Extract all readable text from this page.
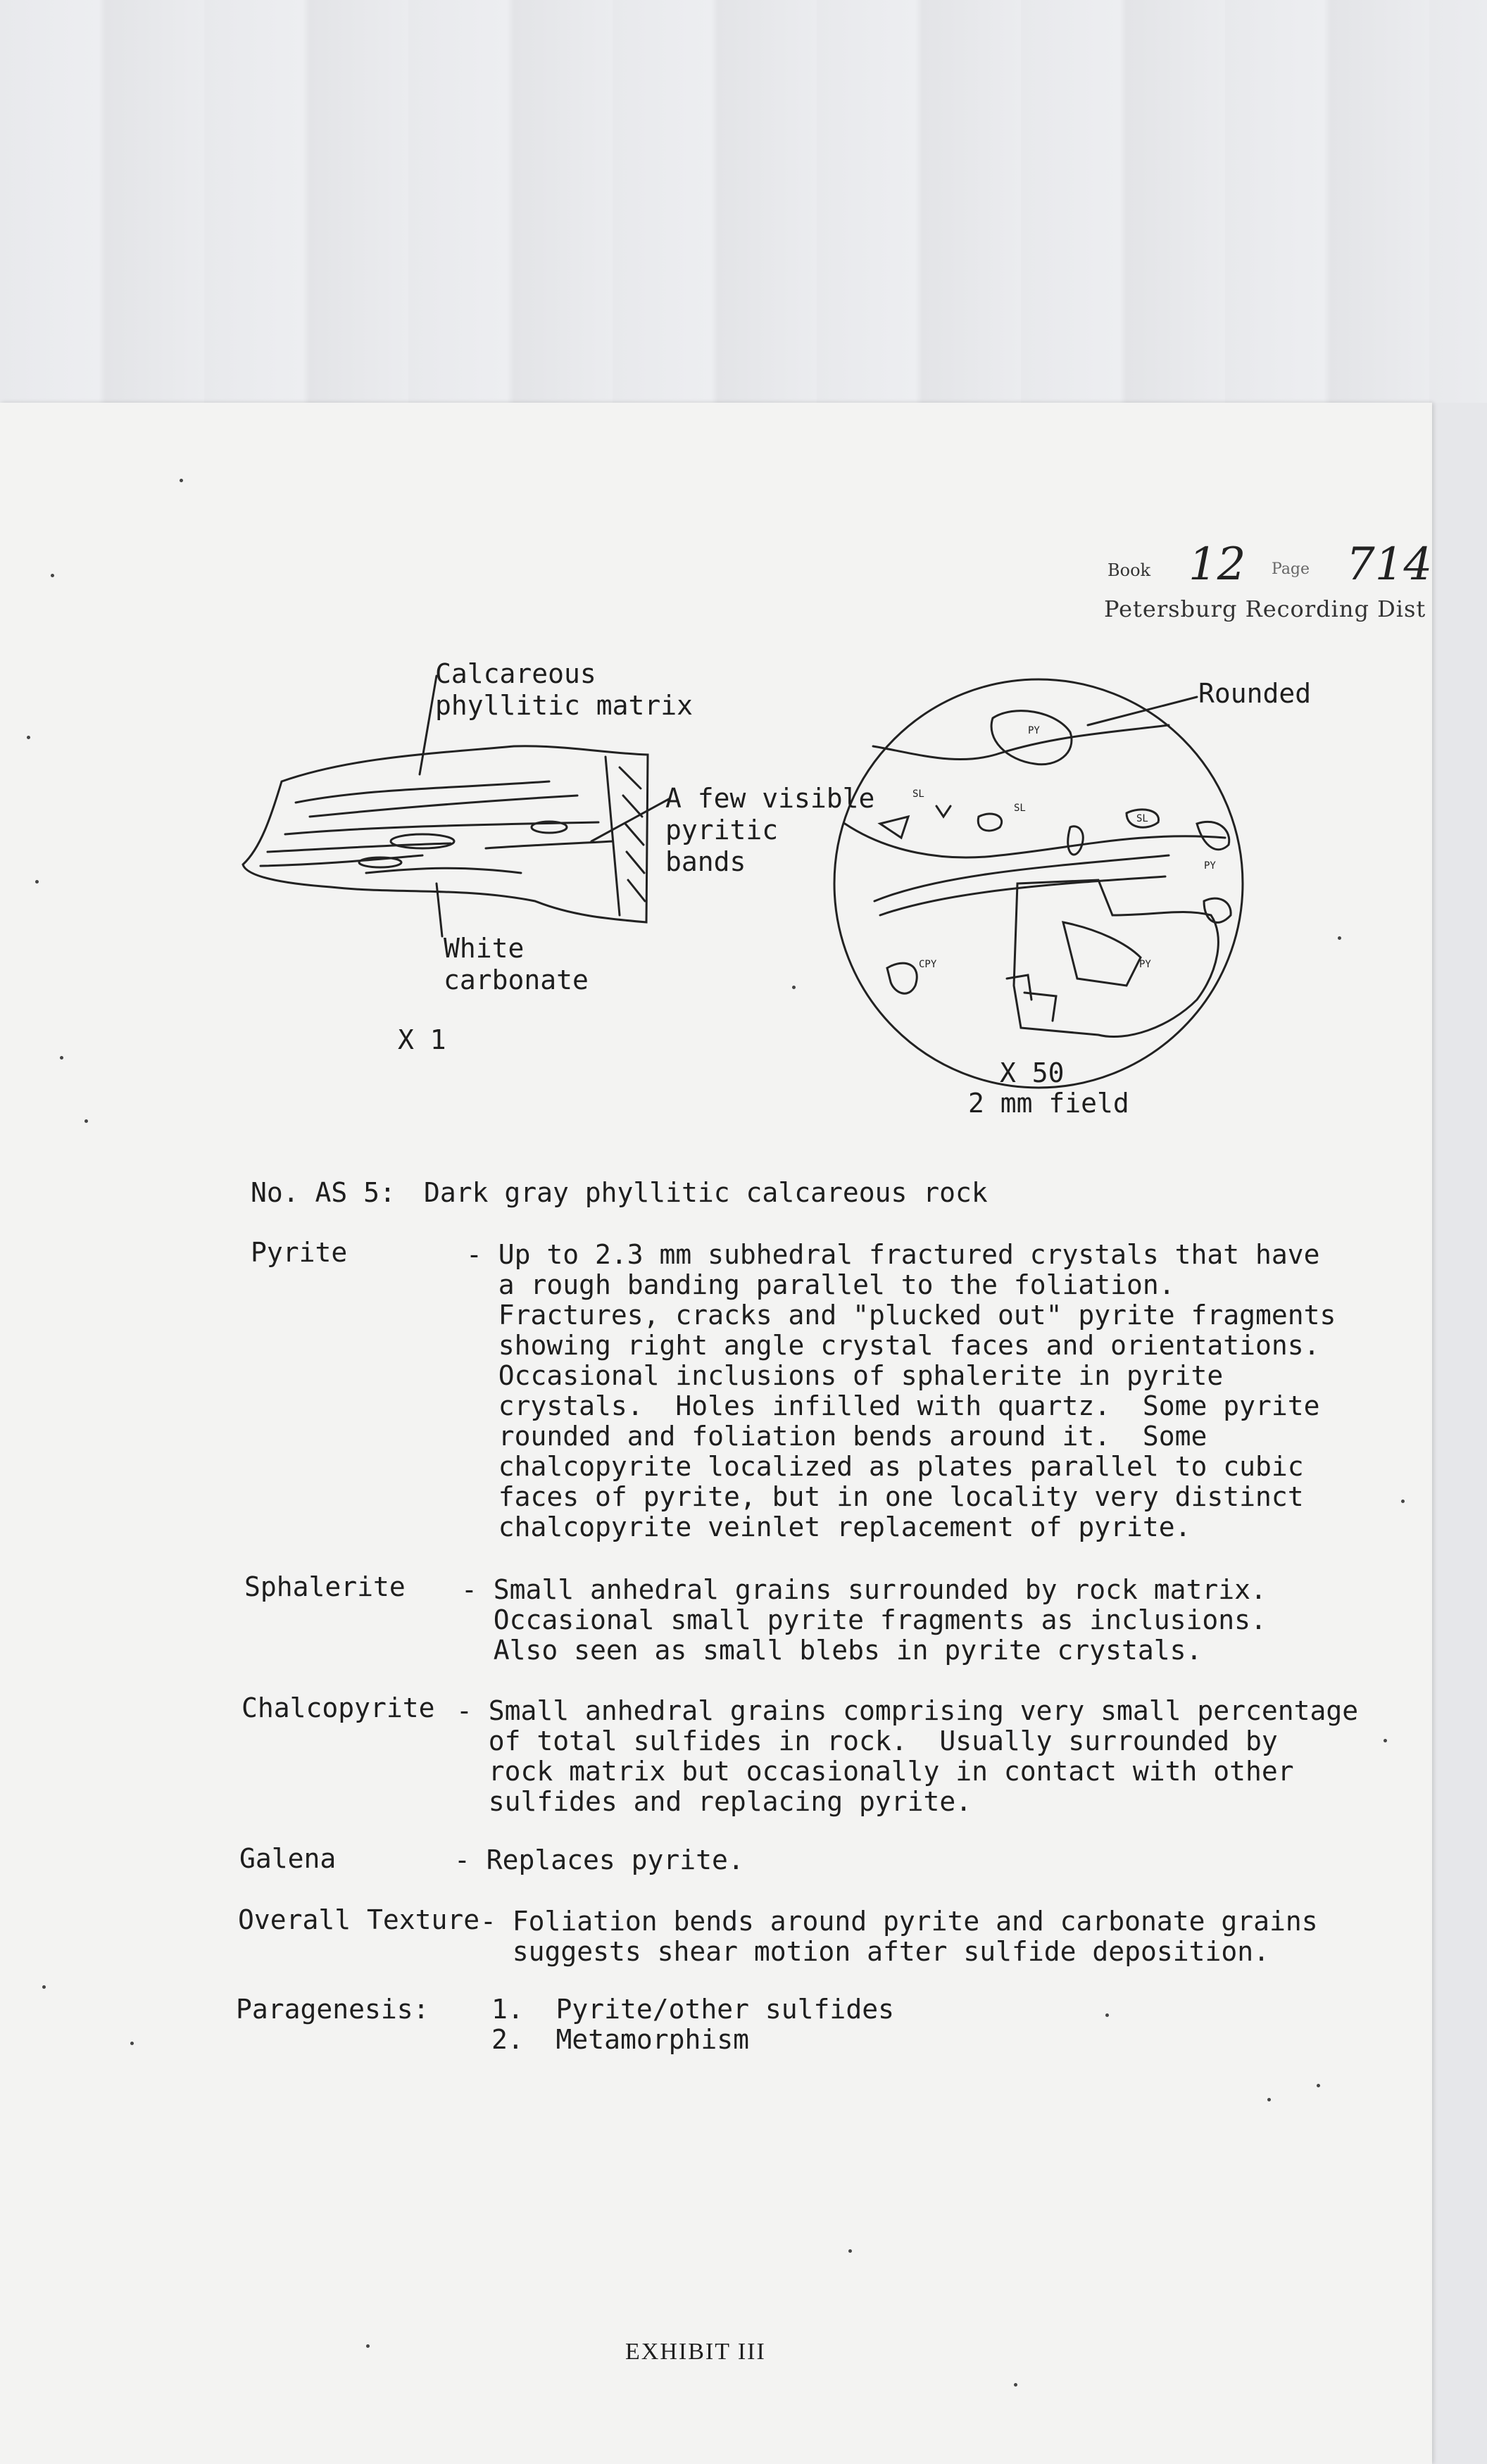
Book 12 Page 714
Petersburg Recording Dist
Calcareous
phyllitic matrix
A few visible
pyritic
bands
White
carbonate
X 1
Rounded
PY
PY
PY
SL
SL
SL
CPY
X 50
2 mm field
No. AS 5: Dark gray phyllitic calcareous rock
Pyrite	- Up to 2.3 mm subhedral fractured crystals that have
a rough banding parallel to the foliation.
Fractures, cracks and "plucked out" pyrite fragments
showing right angle crystal faces and orientations.
Occasional inclusions of sphalerite in pyrite
crystals.  Holes infilled with quartz.  Some pyrite
rounded and foliation bends around it.  Some
chalcopyrite localized as plates parallel to cubic
faces of pyrite, but in one locality very distinct
chalcopyrite veinlet replacement of pyrite.
Sphalerite - Small anhedral grains surrounded by rock matrix.
Occasional small pyrite fragments as inclusions.
Also seen as small blebs in pyrite crystals.
Chalcopyrite - Small anhedral grains comprising very small percentage
of total sulfides in rock.  Usually surrounded by
rock matrix but occasionally in contact with other
sulfides and replacing pyrite.
Galena	- Replaces pyrite.
Overall Texture - Foliation bends around pyrite and carbonate grains
suggests shear motion after sulfide deposition.
Paragenesis: 1.  Pyrite/other sulfides
2.  Metamorphism
EXHIBIT III
